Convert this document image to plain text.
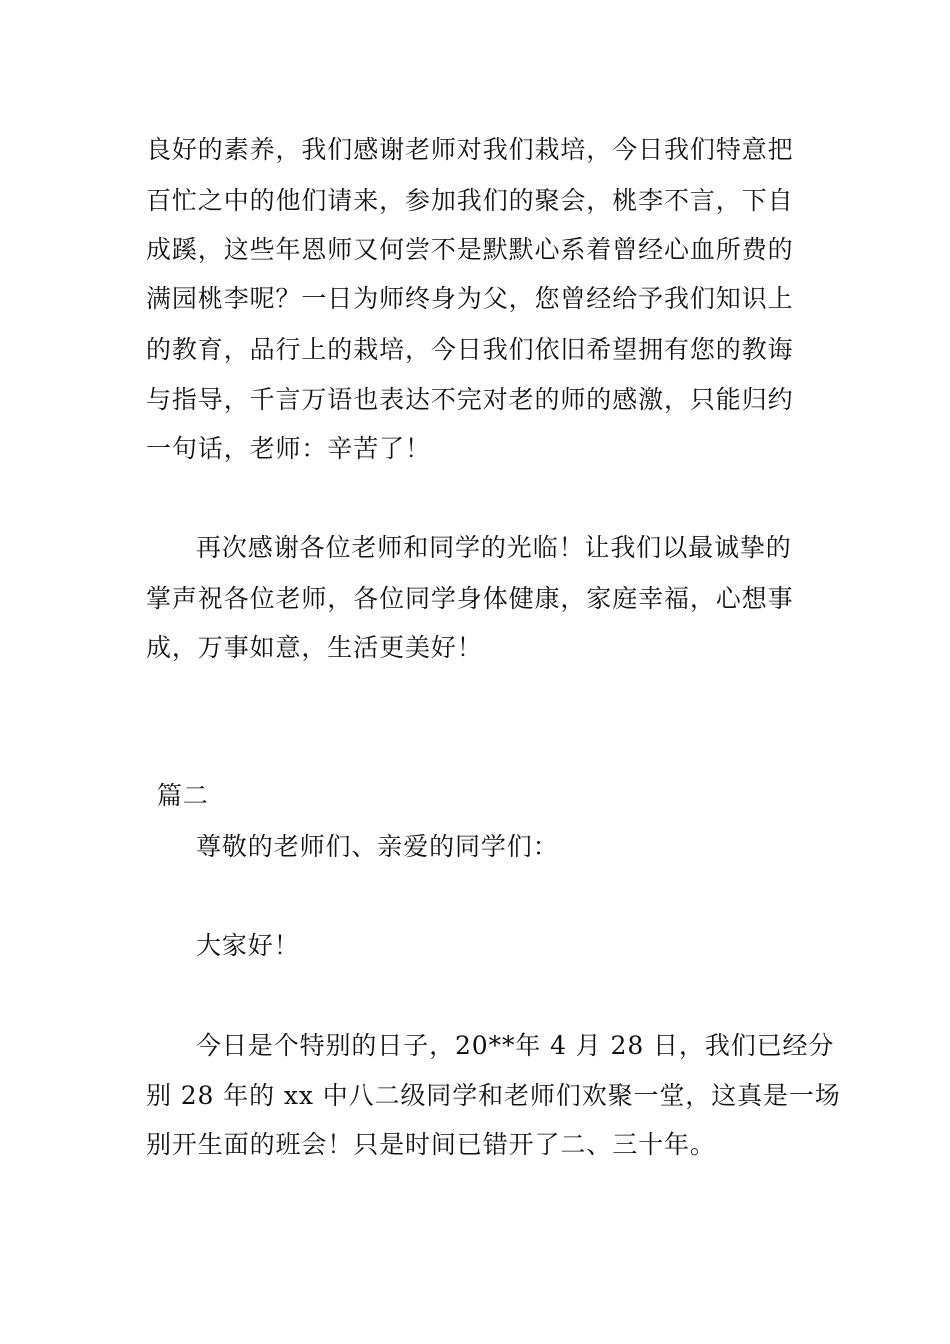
良好的素养，我们感谢老师对我们栽培，今日我们特意把
百忙之中的他们请来，参加我们的聚会，桃李不言，下自
成蹊，这些年恩师又何尝不是默默心系着曾经心血所费的
满园桃李呢？一日为师终身为父，您曾经给予我们知识上
的教育，品行上的栽培，今日我们依旧希望拥有您的教诲
与指导，千言万语也表达不完对老的师的感激，只能归约
一句话，老师：辛苦了！
再次感谢各位老师和同学的光临！让我们以最诚挚的
掌声祝各位老师，各位同学身体健康，家庭幸福，心想事
成，万事如意，生活更美好！
篇二
尊敬的老师们、亲爱的同学们：
大家好！
今日是个特别的日子，20**年 4 月 28 日，我们已经分
别 28 年的 xx 中八二级同学和老师们欢聚一堂，这真是一场
别开生面的班会！只是时间已错开了二、三十年。
